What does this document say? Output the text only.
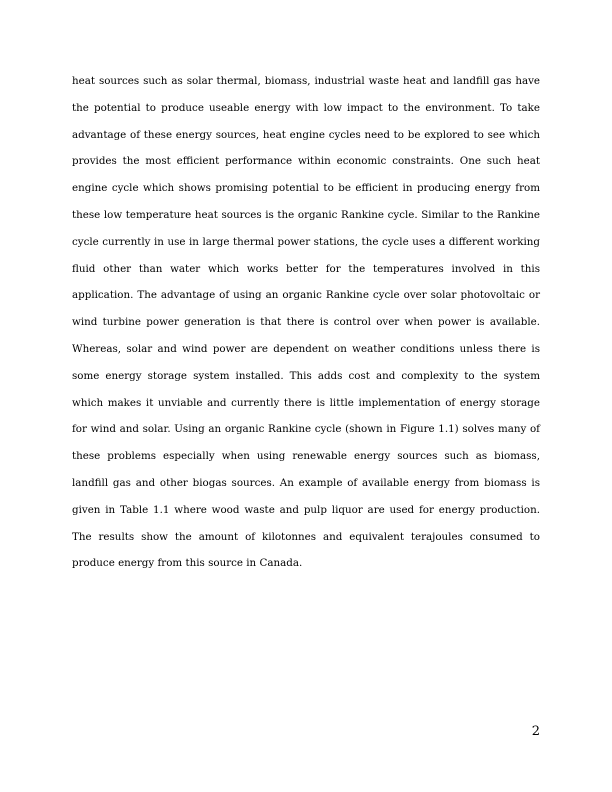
heat sources such as solar thermal, biomass, industrial waste heat and landfill gas have the potential to produce useable energy with low impact to the environment. To take advantage of these energy sources, heat engine cycles need to be explored to see which provides the most efficient performance within economic constraints. One such heat engine cycle which shows promising potential to be efficient in producing energy from these low temperature heat sources is the organic Rankine cycle. Similar to the Rankine cycle currently in use in large thermal power stations, the cycle uses a different working fluid other than water which works better for the temperatures involved in this application. The advantage of using an organic Rankine cycle over solar photovoltaic or wind turbine power generation is that there is control over when power is available. Whereas, solar and wind power are dependent on weather conditions unless there is some energy storage system installed. This adds cost and complexity to the system which makes it unviable and currently there is little implementation of energy storage for wind and solar. Using an organic Rankine cycle (shown in Figure 1.1) solves many of these problems especially when using renewable energy sources such as biomass, landfill gas and other biogas sources. An example of available energy from biomass is given in Table 1.1 where wood waste and pulp liquor are used for energy production. The results show the amount of kilotonnes and equivalent terajoules consumed to produce energy from this source in Canada.

2
